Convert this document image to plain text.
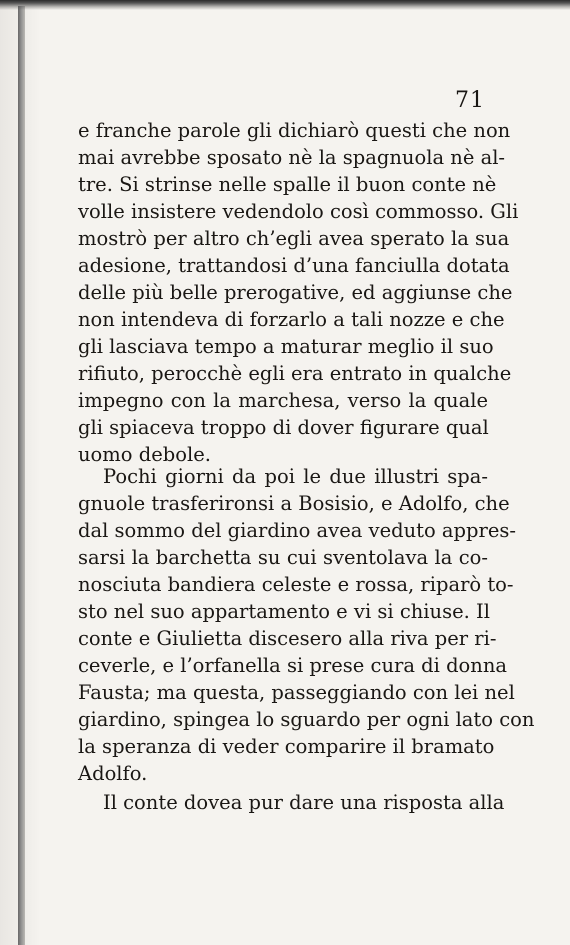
71
e franche parole gli dichiarò questi che non
mai avrebbe sposato nè la spagnuola nè al-
tre. Si strinse nelle spalle il buon conte nè
volle insistere vedendolo così commosso. Gli
mostrò per altro ch’egli avea sperato la sua
adesione, trattandosi d’una fanciulla dotata
delle più belle prerogative, ed aggiunse che
non intendeva di forzarlo a tali nozze e che
gli lasciava tempo a maturar meglio il suo
rifiuto, perocchè egli era entrato in qualche
impegno con la marchesa, verso la quale
gli spiaceva troppo di dover figurare qual
uomo debole.
Pochi giorni da poi le due illustri spa-
gnuole trasferironsi a Bosisio, e Adolfo, che
dal sommo del giardino avea veduto appres-
sarsi la barchetta su cui sventolava la co-
nosciuta bandiera celeste e rossa, riparò to-
sto nel suo appartamento e vi si chiuse. Il
conte e Giulietta discesero alla riva per ri-
ceverle, e l’orfanella si prese cura di donna
Fausta; ma questa, passeggiando con lei nel
giardino, spingea lo sguardo per ogni lato con
la speranza di veder comparire il bramato
Adolfo.
Il conte dovea pur dare una risposta alla
